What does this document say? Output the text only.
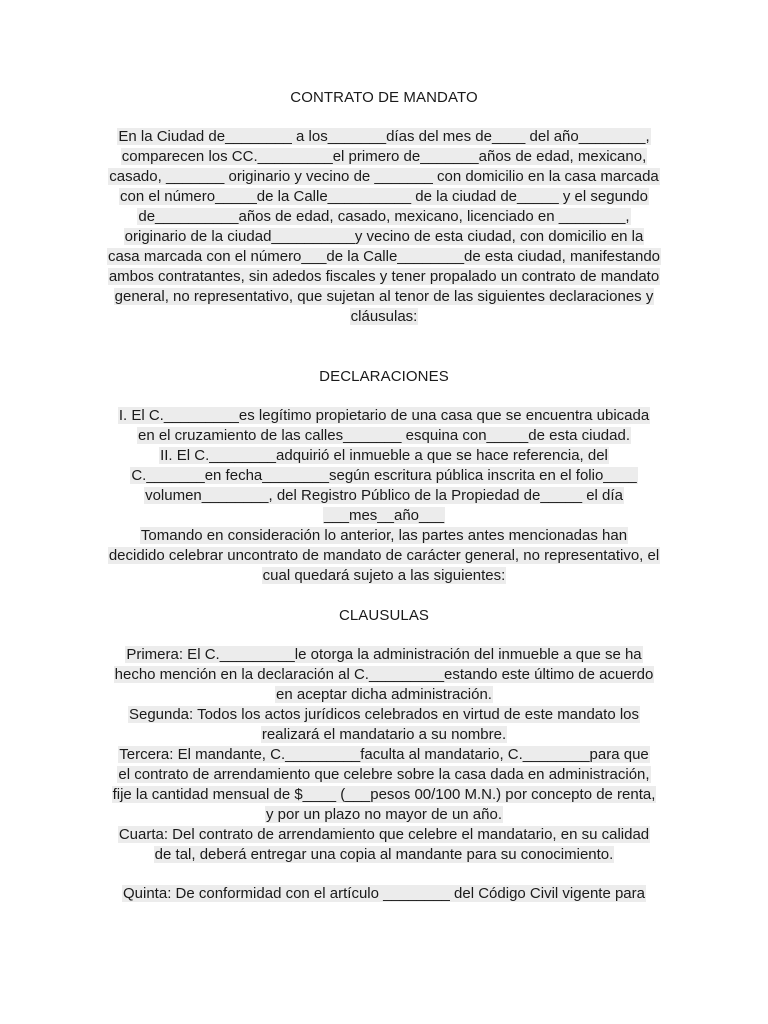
CONTRATO DE MANDATO
En la Ciudad de________ a los_______días del mes de____ del año________,
comparecen los CC._________el primero de_______años de edad, mexicano,
casado, _______ originario y vecino de _______ con domicilio en la casa marcada
con el número_____de la Calle__________ de la ciudad de_____ y el segundo
de__________años de edad, casado, mexicano, licenciado en ________,
originario de la ciudad__________y vecino de esta ciudad, con domicilio en la
casa marcada con el número___de la Calle________de esta ciudad, manifestando
ambos contratantes, sin adedos fiscales y tener propalado un contrato de mandato
general, no representativo, que sujetan al tenor de las siguientes declaraciones y
cláusulas:
DECLARACIONES
I. El C._________es legítimo propietario de una casa que se encuentra ubicada
en el cruzamiento de las calles_______ esquina con_____de esta ciudad.
II. El C.________adquirió el inmueble a que se hace referencia, del
C._______en fecha________según escritura pública inscrita en el folio____
volumen________, del Registro Público de la Propiedad de_____ el día
___mes__año___
Tomando en consideración lo anterior, las partes antes mencionadas han
decidido celebrar uncontrato de mandato de carácter general, no representativo, el
cual quedará sujeto a las siguientes:
CLAUSULAS
Primera: El C._________le otorga la administración del inmueble a que se ha
hecho mención en la declaración al C._________estando este último de acuerdo
en aceptar dicha administración.
Segunda: Todos los actos jurídicos celebrados en virtud de este mandato los
realizará el mandatario a su nombre.
Tercera: El mandante, C._________faculta al mandatario, C.________para que
el contrato de arrendamiento que celebre sobre la casa dada en administración,
fije la cantidad mensual de $____ (___pesos 00/100 M.N.) por concepto de renta,
y por un plazo no mayor de un año.
Cuarta: Del contrato de arrendamiento que celebre el mandatario, en su calidad
de tal, deberá entregar una copia al mandante para su conocimiento.
Quinta: De conformidad con el artículo ________ del Código Civil vigente para
